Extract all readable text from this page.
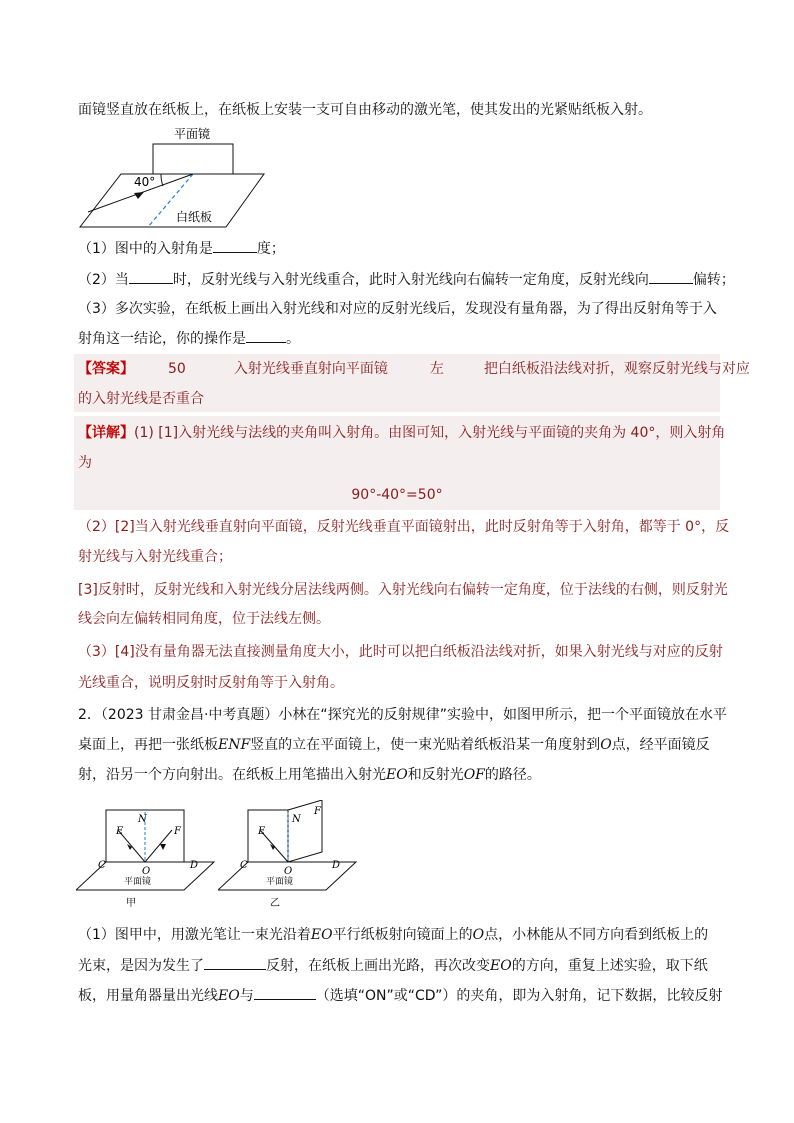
面镜竖直放在纸板上，在纸板上安装一支可自由移动的激光笔，使其发出的光紧贴纸板入射。
平面镜
40°
白纸板
（1）图中的入射角是	度；
（2）当	时，反射光线与入射光线重合，此时入射光线向右偏转一定角度，反射光线向	偏转；
（3）多次实验，在纸板上画出入射光线和对应的反射光线后，发现没有量角器，为了得出反射角等于入
射角这一结论，你的操作是	。
【答案】 50	入射光线垂直射向平面镜	左	把白纸板沿法线对折，观察反射光线与对应
的入射光线是否重合
【详解】(1) [1]入射光线与法线的夹角叫入射角。由图可知，入射光线与平面镜的夹角为 40°，则入射角
为
90°-40°=50°
（2）[2]当入射光线垂直射向平面镜，反射光线垂直平面镜射出，此时反射角等于入射角，都等于 0°，反
射光线与入射光线重合；
[3]反射时，反射光线和入射光线分居法线两侧。入射光线向右偏转一定角度，位于法线的右侧，则反射光
线会向左偏转相同角度，位于法线左侧。
（3）[4]没有量角器无法直接测量角度大小，此时可以把白纸板沿法线对折，如果入射光线与对应的反射
光线重合，说明反射时反射角等于入射角。
2．（2023 甘肃金昌·中考真题）小林在“探究光的反射规律”实验中，如图甲所示，把一个平面镜放在水平
桌面上，再把一张纸板ENF竖直的立在平面镜上，使一束光贴着纸板沿某一角度射到O点，经平面镜反
射，沿另一个方向射出。在纸板上用笔描出入射光EO和反射光OF的路径。
E
N
F
O
C	D
平面镜
甲
E
N
F
O
C	D
平面镜
乙
（1）图甲中，用激光笔让一束光沿着EO平行纸板射向镜面上的O点，小林能从不同方向看到纸板上的
光束，是因为发生了	反射，在纸板上画出光路，再次改变EO的方向，重复上述实验，取下纸
板，用量角器量出光线EO与	（选填“ON”或“CD”）的夹角，即为入射角，记下数据，比较反射
